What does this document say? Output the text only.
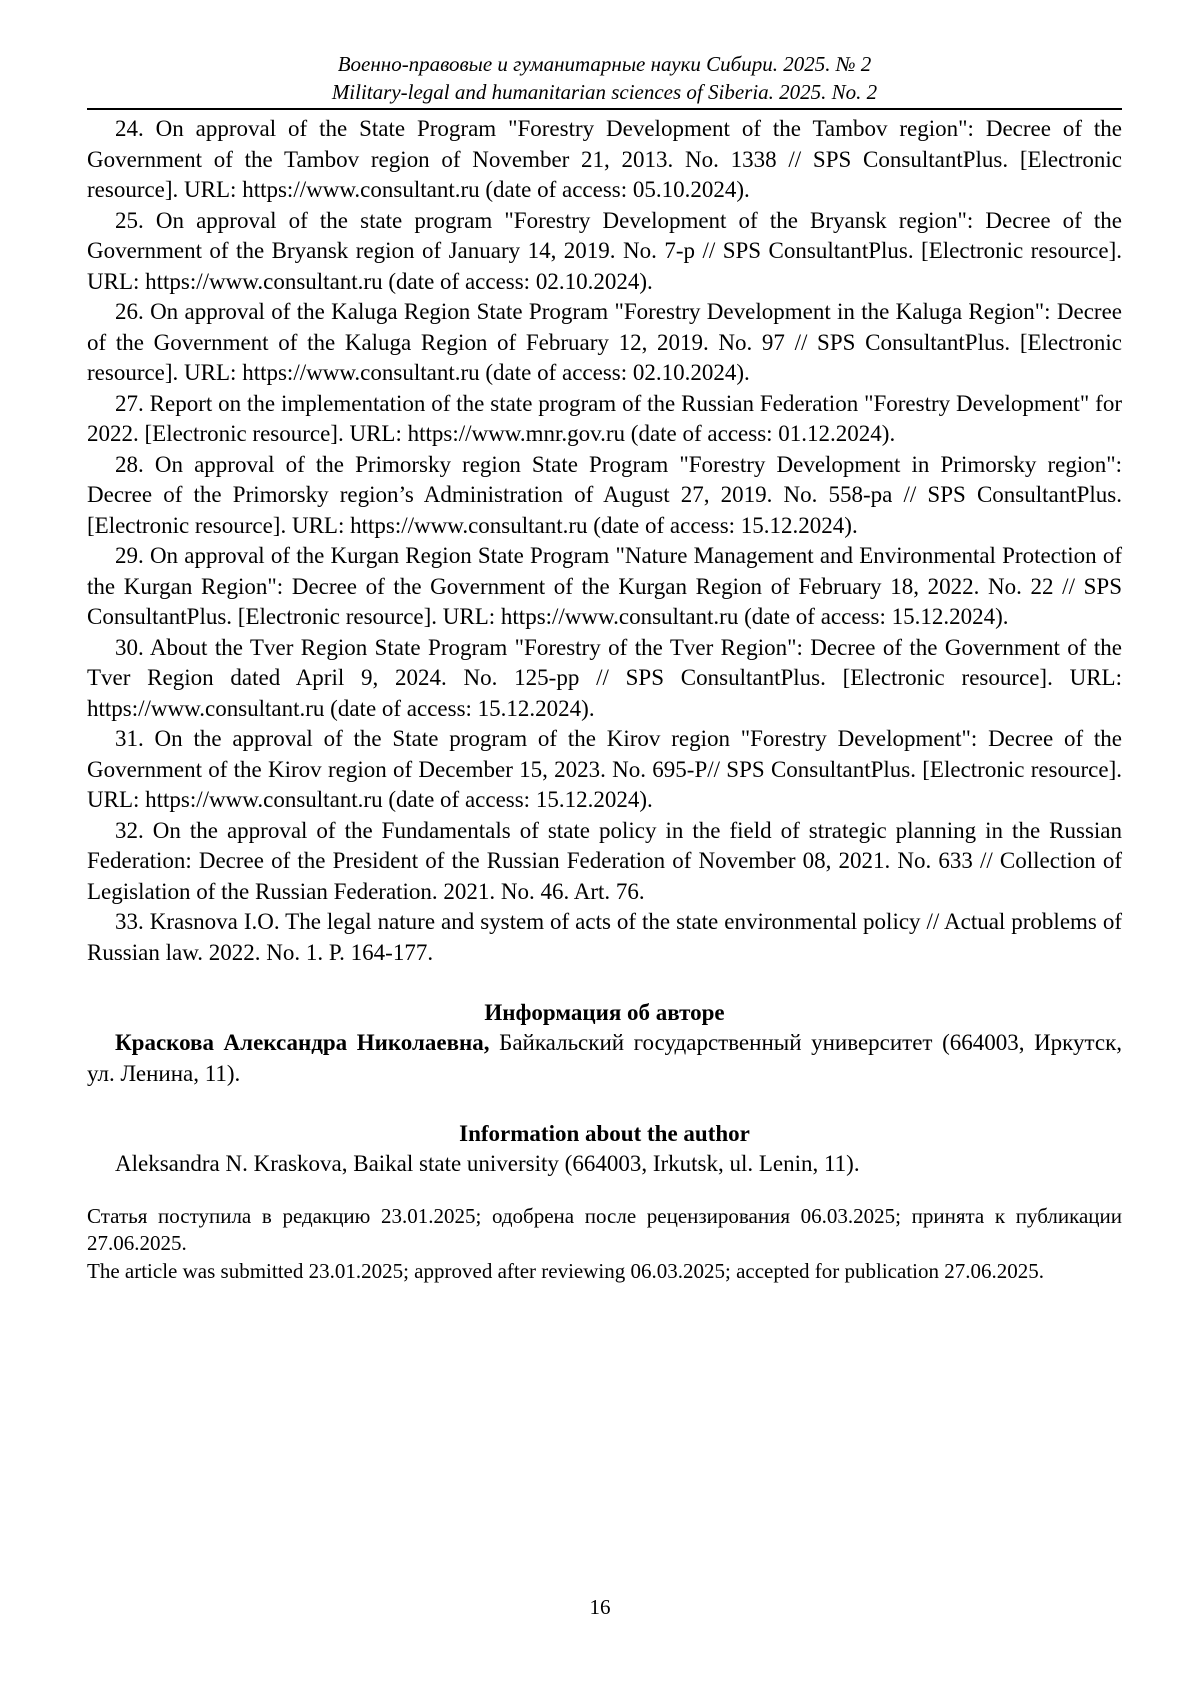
Военно-правовые и гуманитарные науки Сибири. 2025. № 2
Military-legal and humanitarian sciences of Siberia. 2025. No. 2

24. On approval of the State Program "Forestry Development of the Tambov region": Decree of the Government of the Tambov region of November 21, 2013. No. 1338 // SPS ConsultantPlus. [Electronic resource]. URL: https://www.consultant.ru (date of access: 05.10.2024).

25. On approval of the state program "Forestry Development of the Bryansk region": Decree of the Government of the Bryansk region of January 14, 2019. No. 7-p // SPS ConsultantPlus. [Electronic resource]. URL: https://www.consultant.ru (date of access: 02.10.2024).

26. On approval of the Kaluga Region State Program "Forestry Development in the Kaluga Region": Decree of the Government of the Kaluga Region of February 12, 2019. No. 97 // SPS ConsultantPlus. [Electronic resource]. URL: https://www.consultant.ru (date of access: 02.10.2024).

27. Report on the implementation of the state program of the Russian Federation "Forestry Development" for 2022. [Electronic resource]. URL: https://www.mnr.gov.ru (date of access: 01.12.2024).

28. On approval of the Primorsky region State Program "Forestry Development in Primorsky region": Decree of the Primorsky region’s Administration of August 27, 2019. No. 558-pa // SPS ConsultantPlus. [Electronic resource]. URL: https://www.consultant.ru (date of access: 15.12.2024).

29. On approval of the Kurgan Region State Program "Nature Management and Environmental Protection of the Kurgan Region": Decree of the Government of the Kurgan Region of February 18, 2022. No. 22 // SPS ConsultantPlus. [Electronic resource]. URL: https://www.consultant.ru (date of access: 15.12.2024).

30. About the Tver Region State Program "Forestry of the Tver Region": Decree of the Government of the Tver Region dated April 9, 2024. No. 125-pp // SPS ConsultantPlus. [Electronic resource]. URL: https://www.consultant.ru (date of access: 15.12.2024).

31. On the approval of the State program of the Kirov region "Forestry Development": Decree of the Government of the Kirov region of December 15, 2023. No. 695-P// SPS ConsultantPlus. [Electronic resource]. URL: https://www.consultant.ru (date of access: 15.12.2024).

32. On the approval of the Fundamentals of state policy in the field of strategic planning in the Russian Federation: Decree of the President of the Russian Federation of November 08, 2021. No. 633 // Collection of Legislation of the Russian Federation. 2021. No. 46. Art. 76.

33. Krasnova I.O. The legal nature and system of acts of the state environmental policy // Actual problems of Russian law. 2022. No. 1. P. 164-177.

Информация об авторе

Краскова Александра Николаевна, Байкальский государственный университет (664003, Иркутск, ул. Ленина, 11).

Information about the author

Aleksandra N. Kraskova, Baikal state university (664003, Irkutsk, ul. Lenin, 11).

Статья поступила в редакцию 23.01.2025; одобрена после рецензирования 06.03.2025; принята к публикации 27.06.2025.

The article was submitted 23.01.2025; approved after reviewing 06.03.2025; accepted for publication 27.06.2025.

16
